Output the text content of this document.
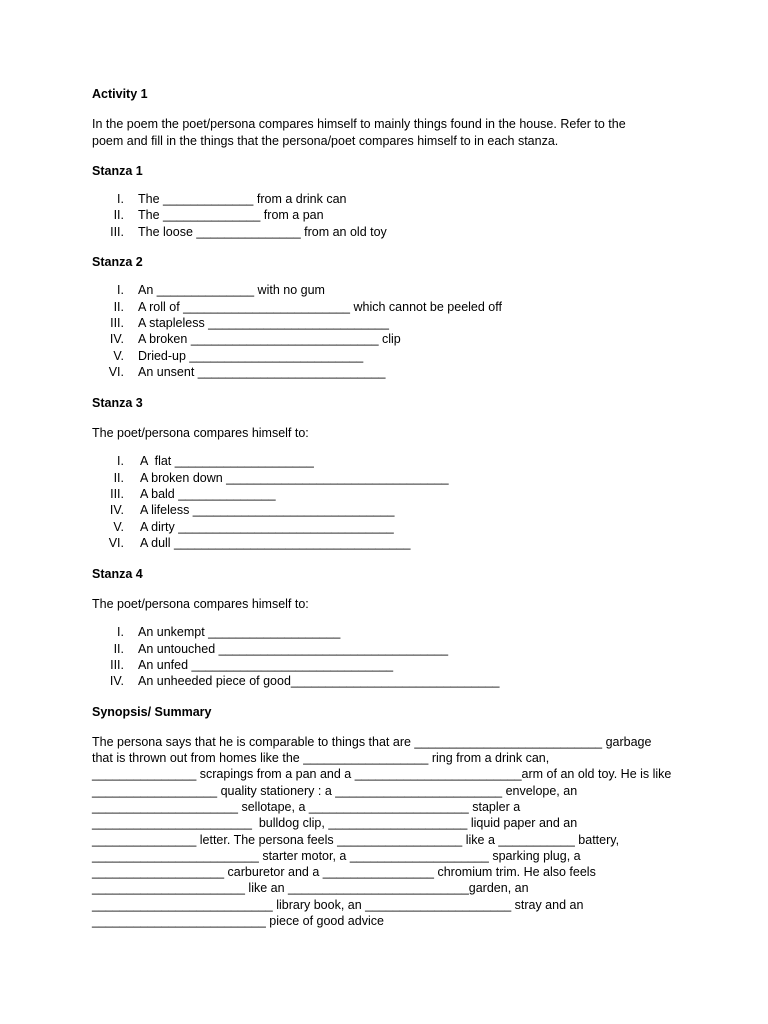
Activity 1

In the poem the poet/persona compares himself to mainly things found in the house. Refer to the

poem and fill in the things that the persona/poet compares himself to in each stanza.

Stanza 1

I. The _____________ from a drink can
II. The ______________ from a pan
III. The loose _______________ from an old toy

Stanza 2

I. An ______________ with no gum
II. A roll of ________________________ which cannot be peeled off
III. A stapleless __________________________
IV. A broken ___________________________ clip
V. Dried-up _________________________
VI. An unsent ___________________________

Stanza 3

The poet/persona compares himself to:

I. A  flat ____________________
II. A broken down ________________________________
III. A bald ______________
IV. A lifeless _____________________________
V. A dirty _______________________________
VI. A dull __________________________________

Stanza 4

The poet/persona compares himself to:

I. An unkempt ___________________
II. An untouched _________________________________
III. An unfed _____________________________
IV. An unheeded piece of good______________________________

Synopsis/ Summary

The persona says that he is comparable to things that are ___________________________ garbage

that is thrown out from homes like the __________________ ring from a drink can,

_______________ scrapings from a pan and a ________________________arm of an old toy. He is like

__________________ quality stationery : a ________________________ envelope, an

_____________________ sellotape, a _______________________ stapler a

_______________________  bulldog clip, ____________________ liquid paper and an

_______________ letter. The persona feels __________________ like a ___________ battery,

________________________ starter motor, a ____________________ sparking plug, a

___________________ carburetor and a ________________ chromium trim. He also feels

______________________ like an __________________________garden, an

__________________________ library book, an _____________________ stray and an

_________________________ piece of good advice
